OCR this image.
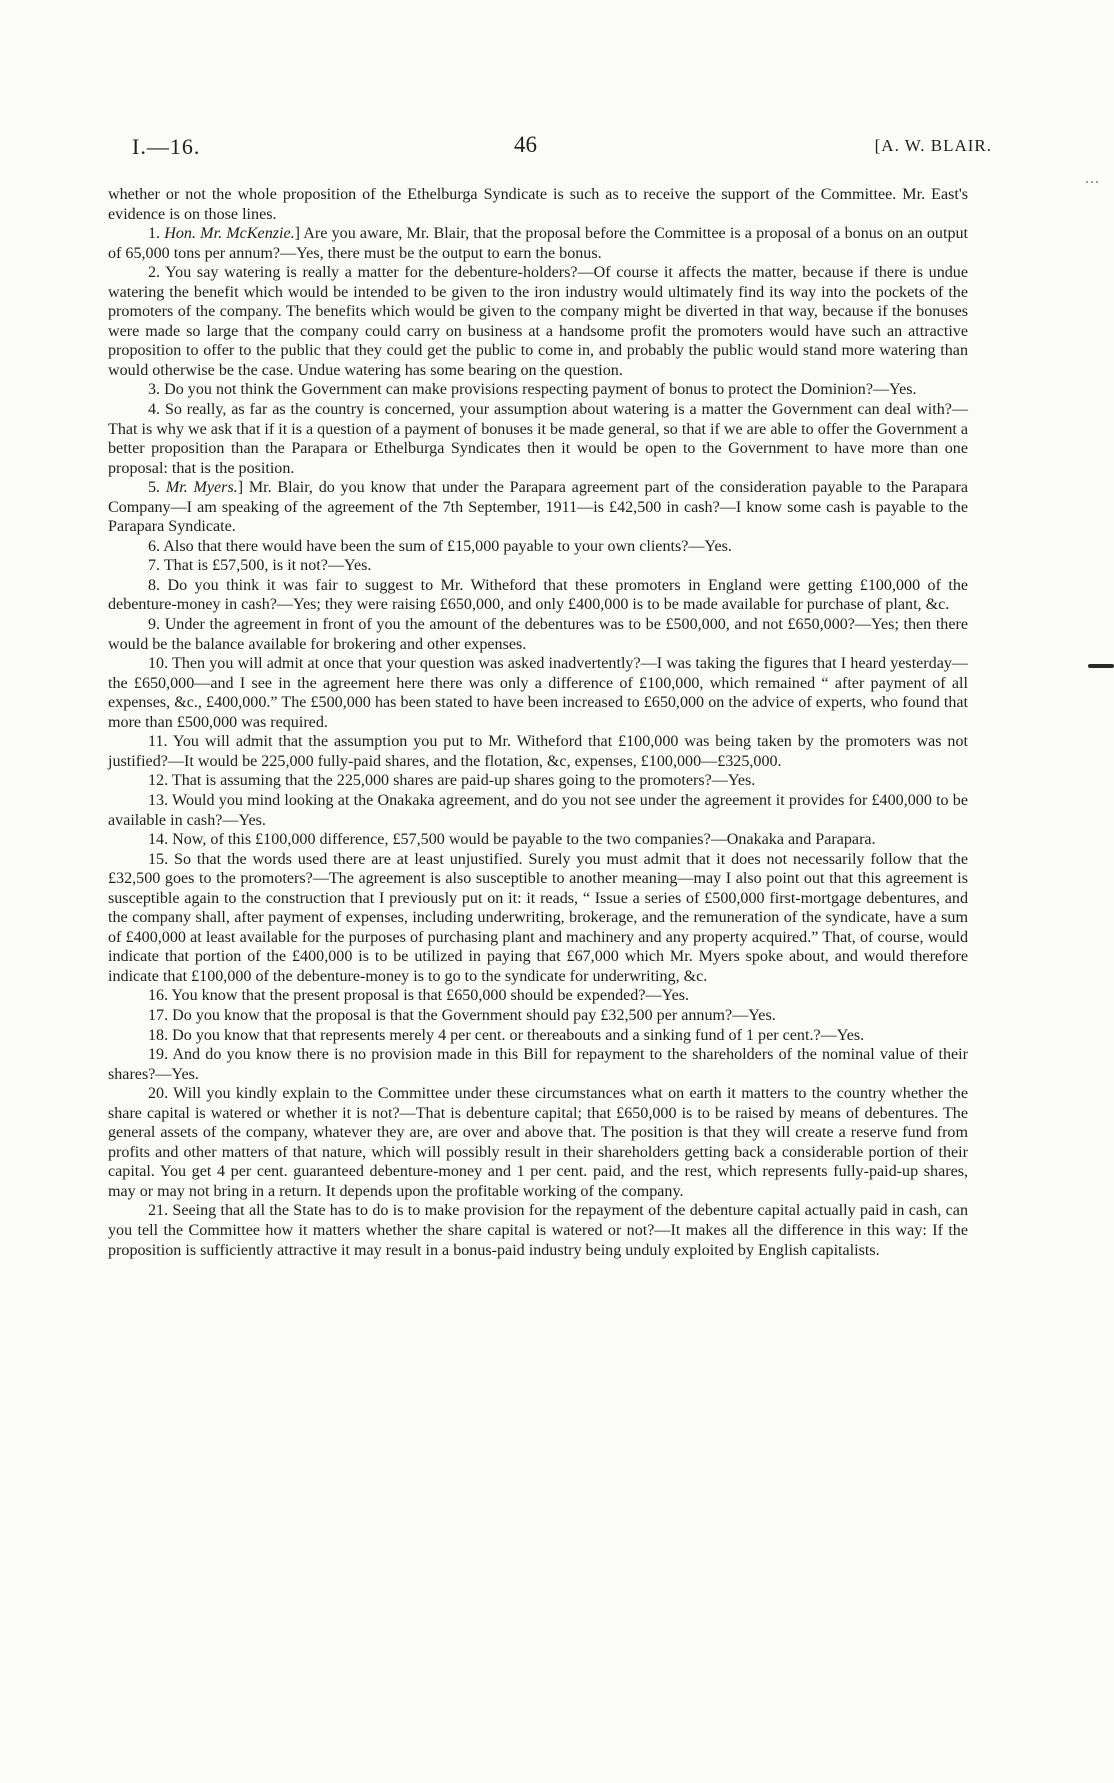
I.—16.	46	[A. W. BLAIR.

whether or not the whole proposition of the Ethelburga Syndicate is such as to receive the support of the Committee. Mr. East's evidence is on those lines.

1. Hon. Mr. McKenzie.] Are you aware, Mr. Blair, that the proposal before the Committee is a proposal of a bonus on an output of 65,000 tons per annum?—Yes, there must be the output to earn the bonus.

2. You say watering is really a matter for the debenture-holders?—Of course it affects the matter, because if there is undue watering the benefit which would be intended to be given to the iron industry would ultimately find its way into the pockets of the promoters of the company. The benefits which would be given to the company might be diverted in that way, because if the bonuses were made so large that the company could carry on business at a handsome profit the promoters would have such an attractive proposition to offer to the public that they could get the public to come in, and probably the public would stand more watering than would otherwise be the case. Undue watering has some bearing on the question.

3. Do you not think the Government can make provisions respecting payment of bonus to protect the Dominion?—Yes.

4. So really, as far as the country is concerned, your assumption about watering is a matter the Government can deal with?—That is why we ask that if it is a question of a payment of bonuses it be made general, so that if we are able to offer the Government a better proposition than the Parapara or Ethelburga Syndicates then it would be open to the Government to have more than one proposal: that is the position.

5. Mr. Myers.] Mr. Blair, do you know that under the Parapara agreement part of the consideration payable to the Parapara Company—I am speaking of the agreement of the 7th September, 1911—is £42,500 in cash?—I know some cash is payable to the Parapara Syndicate.

6. Also that there would have been the sum of £15,000 payable to your own clients?—Yes.

7. That is £57,500, is it not?—Yes.

8. Do you think it was fair to suggest to Mr. Witheford that these promoters in England were getting £100,000 of the debenture-money in cash?—Yes; they were raising £650,000, and only £400,000 is to be made available for purchase of plant, &c.

9. Under the agreement in front of you the amount of the debentures was to be £500,000, and not £650,000?—Yes; then there would be the balance available for brokering and other expenses.

10. Then you will admit at once that your question was asked inadvertently?—I was taking the figures that I heard yesterday—the £650,000—and I see in the agreement here there was only a difference of £100,000, which remained “ after payment of all expenses, &c., £400,000.” The £500,000 has been stated to have been increased to £650,000 on the advice of experts, who found that more than £500,000 was required.

11. You will admit that the assumption you put to Mr. Witheford that £100,000 was being taken by the promoters was not justified?—It would be 225,000 fully-paid shares, and the flotation, &c, expenses, £100,000—£325,000.

12. That is assuming that the 225,000 shares are paid-up shares going to the promoters?—Yes.

13. Would you mind looking at the Onakaka agreement, and do you not see under the agreement it provides for £400,000 to be available in cash?—Yes.

14. Now, of this £100,000 difference, £57,500 would be payable to the two companies?—Onakaka and Parapara.

15. So that the words used there are at least unjustified. Surely you must admit that it does not necessarily follow that the £32,500 goes to the promoters?—The agreement is also susceptible to another meaning—may I also point out that this agreement is susceptible again to the construction that I previously put on it: it reads, “ Issue a series of £500,000 first-mortgage debentures, and the company shall, after payment of expenses, including underwriting, brokerage, and the remuneration of the syndicate, have a sum of £400,000 at least available for the purposes of purchasing plant and machinery and any property acquired.” That, of course, would indicate that portion of the £400,000 is to be utilized in paying that £67,000 which Mr. Myers spoke about, and would therefore indicate that £100,000 of the debenture-money is to go to the syndicate for underwriting, &c.

16. You know that the present proposal is that £650,000 should be expended?—Yes.

17. Do you know that the proposal is that the Government should pay £32,500 per annum?—Yes.

18. Do you know that that represents merely 4 per cent. or thereabouts and a sinking fund of 1 per cent.?—Yes.

19. And do you know there is no provision made in this Bill for repayment to the shareholders of the nominal value of their shares?—Yes.

20. Will you kindly explain to the Committee under these circumstances what on earth it matters to the country whether the share capital is watered or whether it is not?—That is debenture capital; that £650,000 is to be raised by means of debentures. The general assets of the company, whatever they are, are over and above that. The position is that they will create a reserve fund from profits and other matters of that nature, which will possibly result in their shareholders getting back a considerable portion of their capital. You get 4 per cent. guaranteed debenture-money and 1 per cent. paid, and the rest, which represents fully-paid-up shares, may or may not bring in a return. It depends upon the profitable working of the company.

21. Seeing that all the State has to do is to make provision for the repayment of the debenture capital actually paid in cash, can you tell the Committee how it matters whether the share capital is watered or not?—It makes all the difference in this way: If the proposition is sufficiently attractive it may result in a bonus-paid industry being unduly exploited by English capitalists.
